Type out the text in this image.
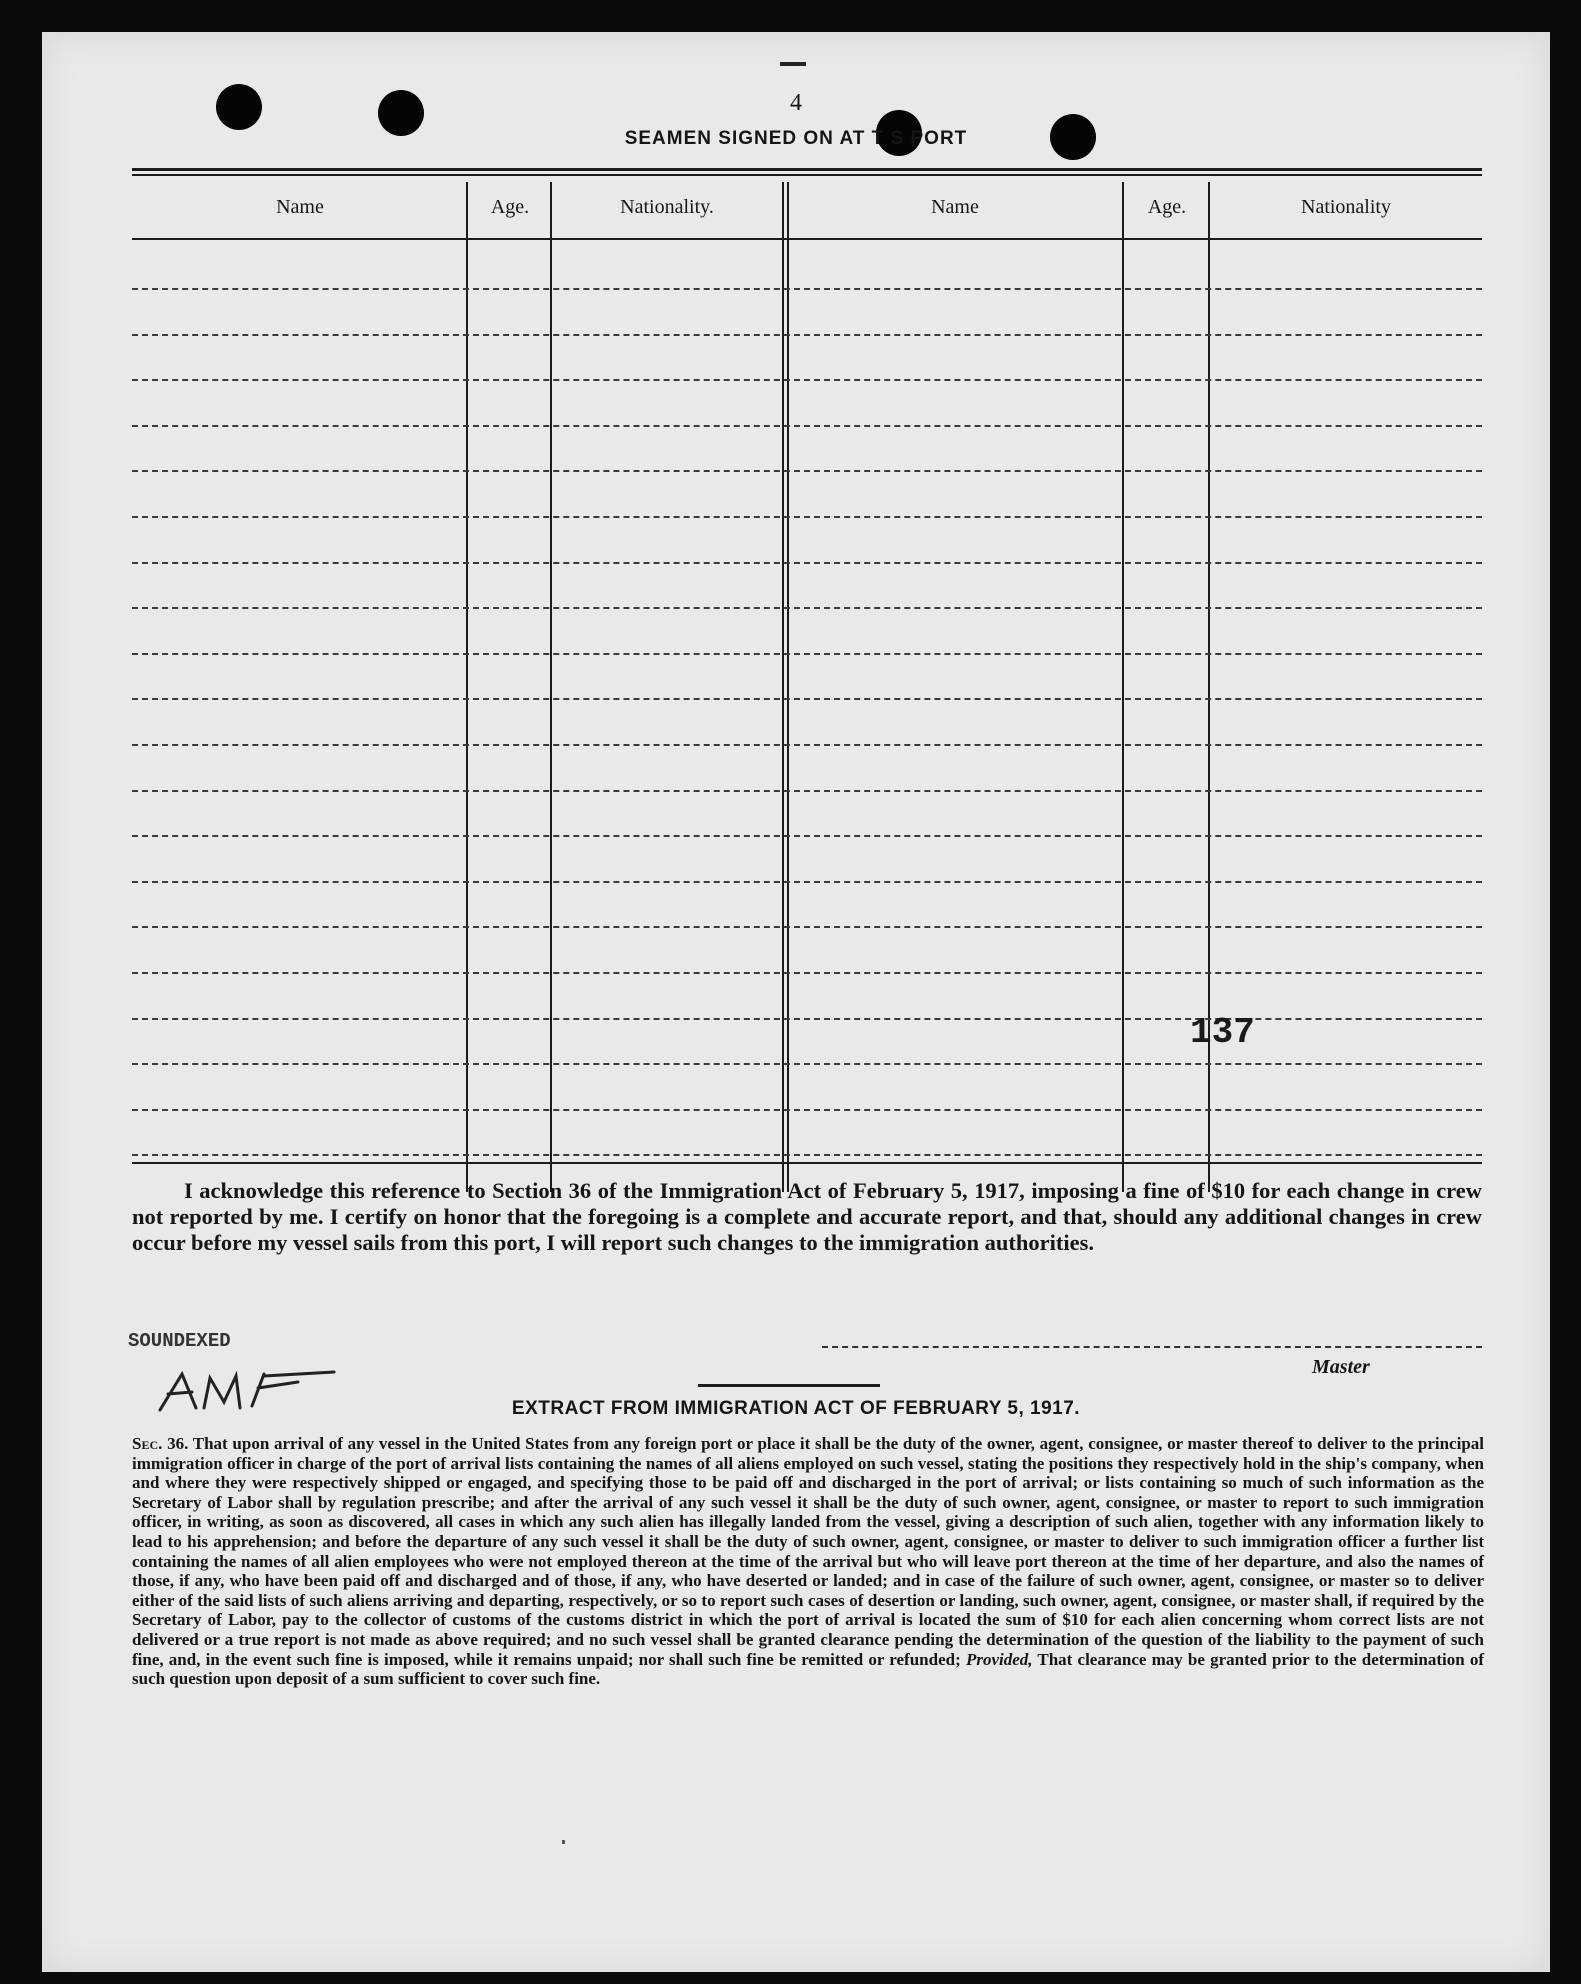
4
SEAMEN SIGNED ON AT T S PORT
Name	Age.	Nationality.	Name	Age.	Nationality
137
I acknowledge this reference to Section 36 of the Immigration Act of February 5, 1917, imposing a fine of $10 for each change in crew not reported by me. I certify on honor that the foregoing is a complete and accurate report, and that, should any additional changes in crew occur before my vessel sails from this port, I will report such changes to the immigration authorities.
SOUNDEXED
Master
EXTRACT FROM IMMIGRATION ACT OF FEBRUARY 5, 1917.
Sec. 36. That upon arrival of any vessel in the United States from any foreign port or place it shall be the duty of the owner, agent, consignee, or master thereof to deliver to the principal immigration officer in charge of the port of arrival lists containing the names of all aliens employed on such vessel, stating the positions they respectively hold in the ship's company, when and where they were respectively shipped or engaged, and specifying those to be paid off and discharged in the port of arrival; or lists containing so much of such information as the Secretary of Labor shall by regulation prescribe; and after the arrival of any such vessel it shall be the duty of such owner, agent, consignee, or master to report to such immigration officer, in writing, as soon as discovered, all cases in which any such alien has illegally landed from the vessel, giving a description of such alien, together with any information likely to lead to his apprehension; and before the departure of any such vessel it shall be the duty of such owner, agent, consignee, or master to deliver to such immigration officer a further list containing the names of all alien employees who were not employed thereon at the time of the arrival but who will leave port thereon at the time of her departure, and also the names of those, if any, who have been paid off and discharged and of those, if any, who have deserted or landed; and in case of the failure of such owner, agent, consignee, or master so to deliver either of the said lists of such aliens arriving and departing, respectively, or so to report such cases of desertion or landing, such owner, agent, consignee, or master shall, if required by the Secretary of Labor, pay to the collector of customs of the customs district in which the port of arrival is located the sum of $10 for each alien concerning whom correct lists are not delivered or a true report is not made as above required; and no such vessel shall be granted clearance pending the determination of the question of the liability to the payment of such fine, and, in the event such fine is imposed, while it remains unpaid; nor shall such fine be remitted or refunded; Provided, That clearance may be granted prior to the determination of such question upon deposit of a sum sufficient to cover such fine.
